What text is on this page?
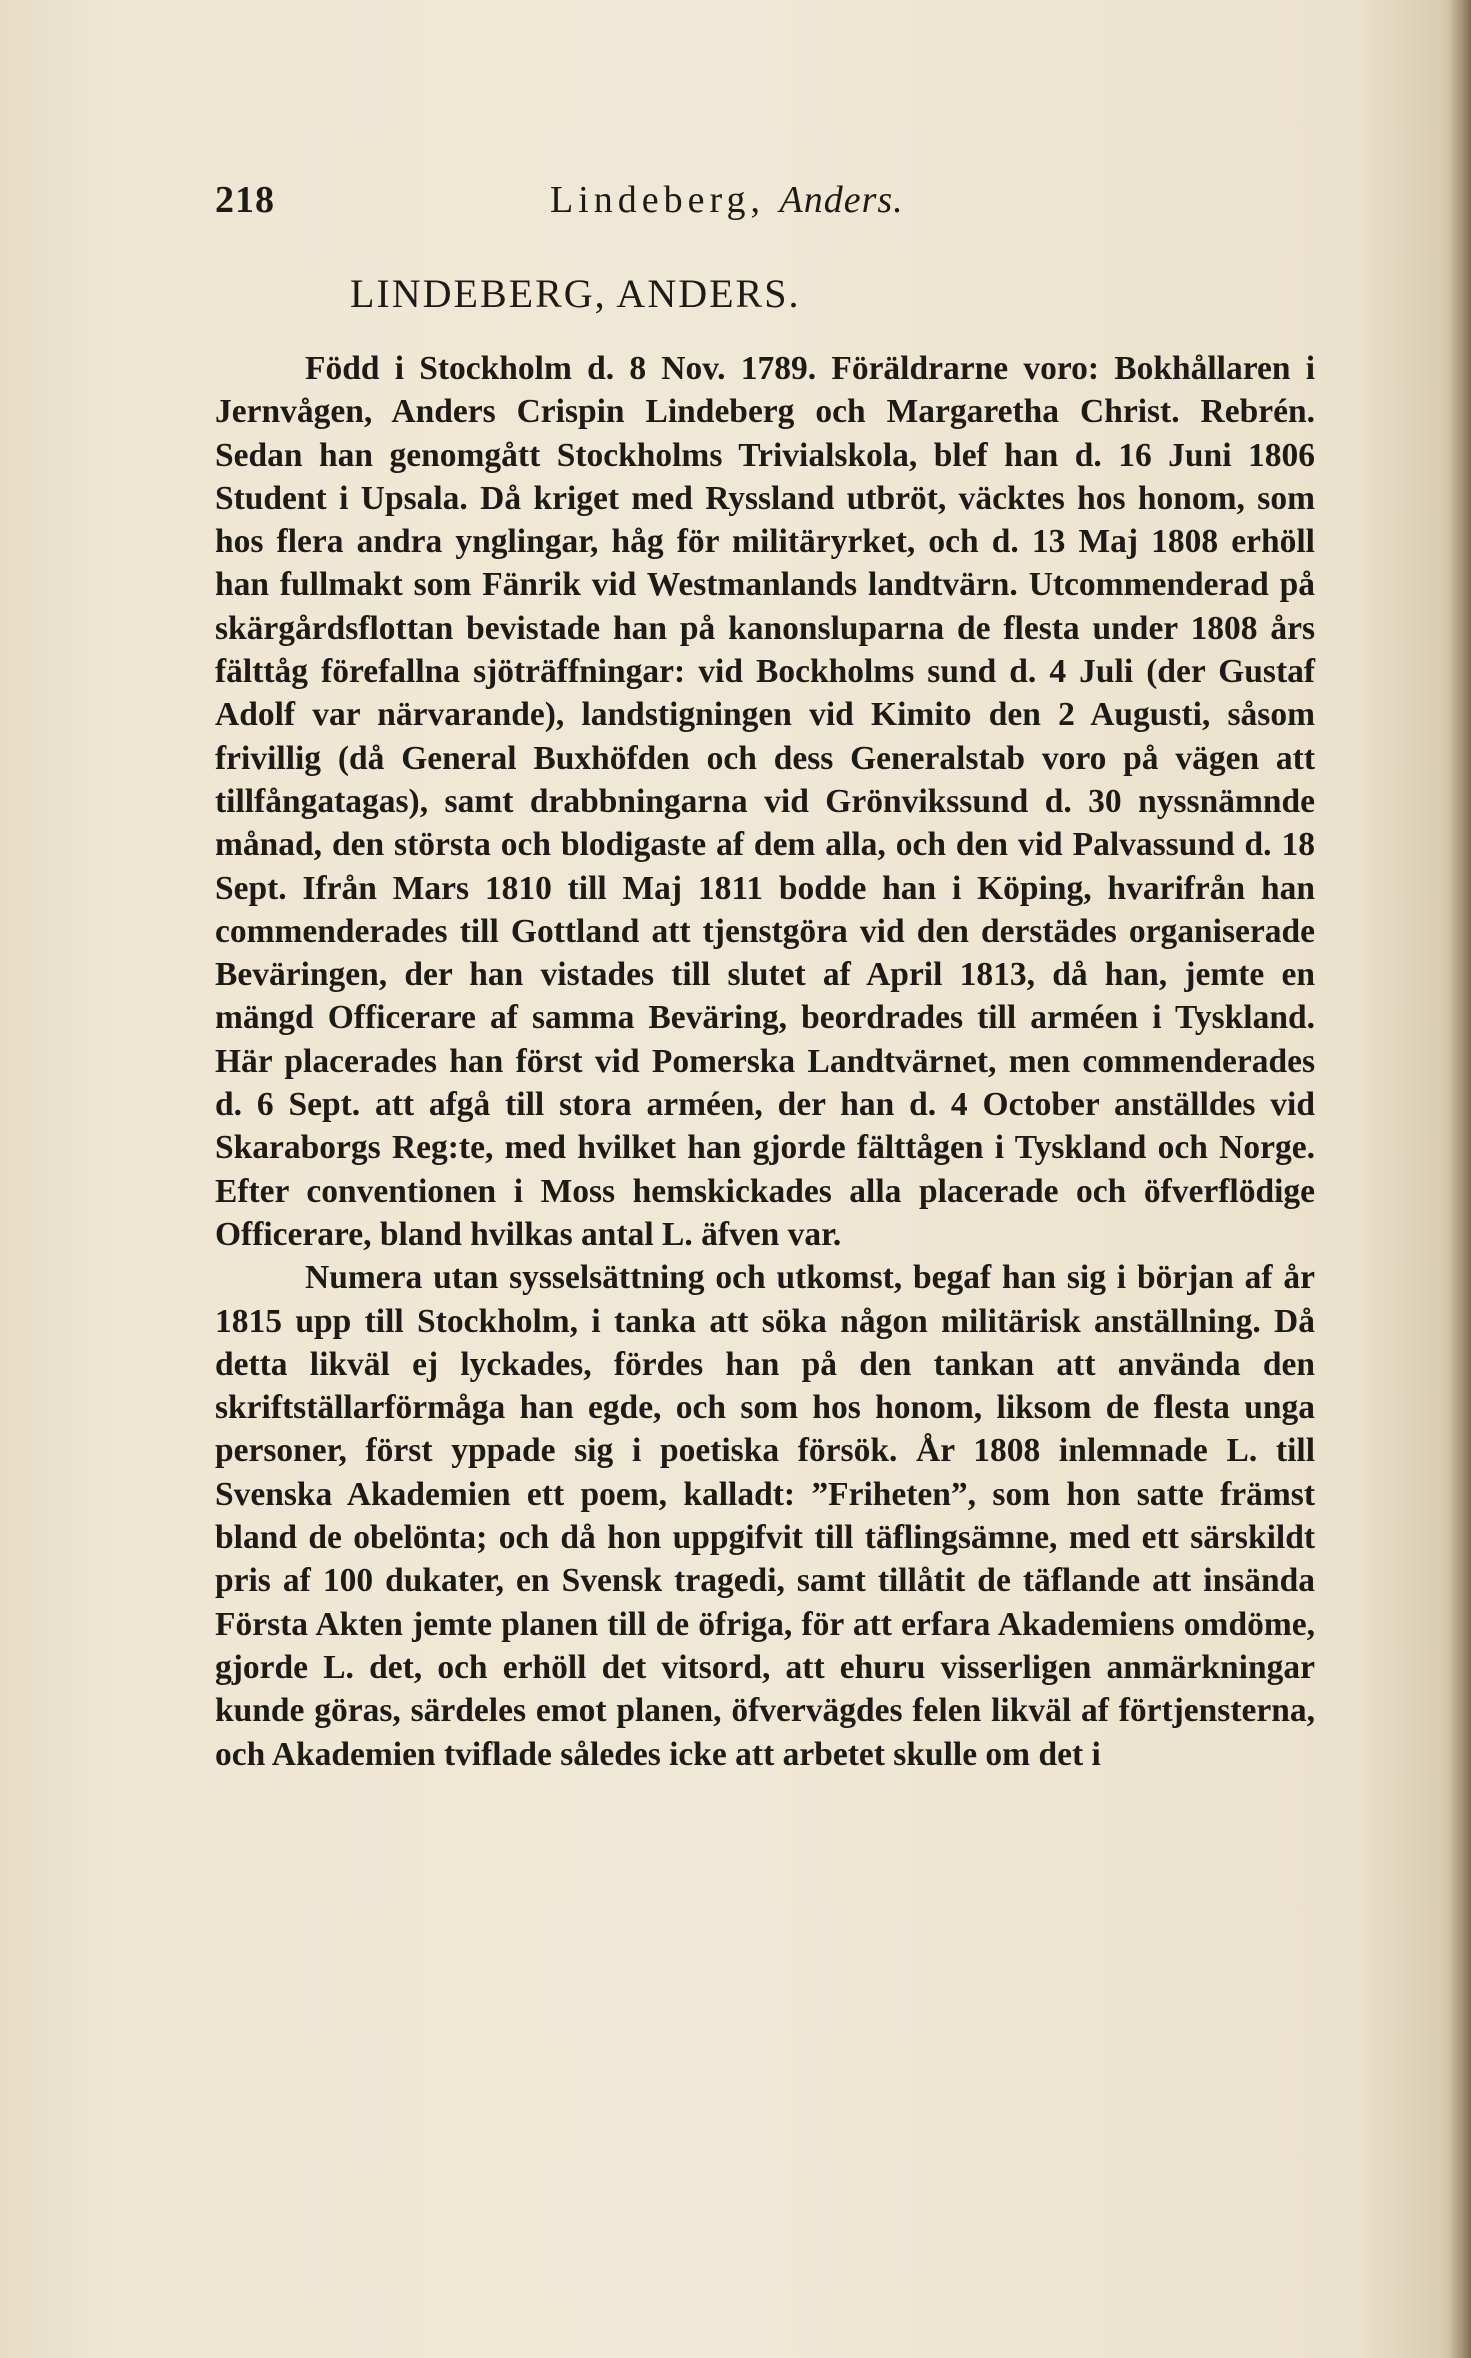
218	Lindeberg, Anders.
LINDEBERG, ANDERS.

Född i Stockholm d. 8 Nov. 1789. Föräldrarne voro: Bokhållaren i Jernvågen, Anders Crispin Lindeberg och Margaretha Christ. Rebrén. Sedan han genomgått Stockholms Trivialskola, blef han d. 16 Juni 1806 Student i Upsala. Då kriget med Ryssland utbröt, väcktes hos honom, som hos flera andra ynglingar, håg för militäryrket, och d. 13 Maj 1808 erhöll han fullmakt som Fänrik vid Westmanlands landtvärn. Utcommenderad på skärgårdsflottan bevistade han på kanonsluparna de flesta under 1808 års fälttåg förefallna sjöträffningar: vid Bockholms sund d. 4 Juli (der Gustaf Adolf var närvarande), landstigningen vid Kimito den 2 Augusti, såsom frivillig (då General Buxhöfden och dess Generalstab voro på vägen att tillfångatagas), samt drabbningarna vid Grönvikssund d. 30 nyssnämnde månad, den största och blodigaste af dem alla, och den vid Palvassund d. 18 Sept. Ifrån Mars 1810 till Maj 1811 bodde han i Köping, hvarifrån han commenderades till Gottland att tjenstgöra vid den derstädes organiserade Beväringen, der han vistades till slutet af April 1813, då han, jemte en mängd Officerare af samma Beväring, beordrades till arméen i Tyskland. Här placerades han först vid Pomerska Landtvärnet, men commenderades d. 6 Sept. att afgå till stora arméen, der han d. 4 October anställdes vid Skaraborgs Reg:te, med hvilket han gjorde fälttågen i Tyskland och Norge. Efter conventionen i Moss hemskickades alla placerade och öfverflödige Officerare, bland hvilkas antal L. äfven var.

Numera utan sysselsättning och utkomst, begaf han sig i början af år 1815 upp till Stockholm, i tanka att söka någon militärisk anställning. Då detta likväl ej lyckades, fördes han på den tankan att använda den skriftställarförmåga han egde, och som hos honom, liksom de flesta unga personer, först yppade sig i poetiska försök. År 1808 inlemnade L. till Svenska Akademien ett poem, kalladt: ”Friheten”, som hon satte främst bland de obelönta; och då hon uppgifvit till täflingsämne, med ett särskildt pris af 100 dukater, en Svensk tragedi, samt tillåtit de täflande att insända Första Akten jemte planen till de öfriga, för att erfara Akademiens omdöme, gjorde L. det, och erhöll det vitsord, att ehuru visserligen anmärkningar kunde göras, särdeles emot planen, öfvervägdes felen likväl af förtjensterna, och Akademien tviflade således icke att arbetet skulle om det i
